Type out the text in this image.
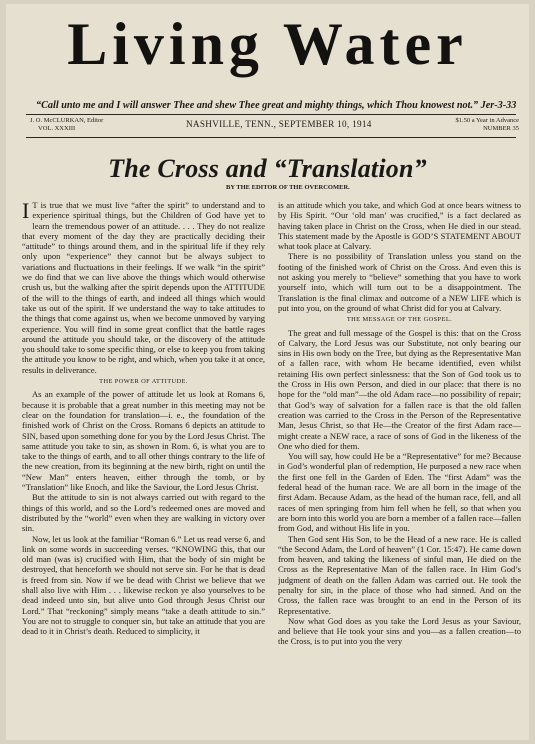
Living Water
“Call unto me and I will answer Thee and shew Thee great and mighty things, which Thou knowest not.” Jer-3-33
J. O. McCLURKAN, Editor
VOL. XXXIII	NASHVILLE, TENN., SEPTEMBER 10, 1914	$1.50 a Year in Advance
NUMBER 35
The Cross and “Translation”
BY THE EDITOR OF THE OVERCOMER.

I T is true that we must live “after the spirit” to understand and to experience spiritual things, but the Children of God have yet to learn the tremendous power of an attitude. . . . They do not realize that every moment of the day they are practically deciding their “attitude” to things around them, and in the spiritual life if they rely only upon “experience” they cannot but be always subject to variations and fluctuations in their feelings. If we walk “in the spirit” we do find that we can live above the things which would otherwise crush us, but the walking after the spirit depends upon the ATTITUDE of the will to the things of earth, and indeed all things which would take us out of the spirit. If we understand the way to take attitudes to the things that come against us, when we become unmoved by varying experience. You will find in some great conflict that the battle rages around the attitude you should take, or the discovery of the attitude you should take to some specific thing, or else to keep you from taking the attitude you know to be right, and which, when you take it at once, results in deliverance.

THE POWER OF ATTITUDE.

As an example of the power of attitude let us look at Romans 6, because it is probable that a great number in this meeting may not be clear on the foundation for translation—i. e., the foundation of the finished work of Christ on the Cross. Romans 6 depicts an attitude to SIN, based upon something done for you by the Lord Jesus Christ. The same attitude you take to sin, as shown in Rom. 6, is what you are to take to the things of earth, and to all other things contrary to the life of the new creation, from its beginning at the new birth, right on until the “New Man” enters heaven, either through the tomb, or by “Translation” like Enoch, and like the Saviour, the Lord Jesus Christ.

But the attitude to sin is not always carried out with regard to the things of this world, and so the Lord’s redeemed ones are moved and distributed by the “world” even when they are walking in victory over sin.

Now, let us look at the familiar “Roman 6.” Let us read verse 6, and link on some words in succeeding verses. “KNOWING this, that our old man (was is) crucified with Him, that the body of sin might be destroyed, that henceforth we should not serve sin. For he that is dead is freed from sin. Now if we be dead with Christ we believe that we shall also live with Him . . . likewise reckon ye also yourselves to be dead indeed unto sin, but alive unto God through Jesus Christ our Lord.” That “reckoning” simply means “take a death attitude to sin.” You are not to struggle to conquer sin, but take an attitude that you are dead to it in Christ’s death. Reduced to simplicity, it

is an attitude which you take, and which God at once bears witness to by His Spirit. “Our ‘old man’ was crucified,” is a fact declared as having taken place in Christ on the Cross, when He died in our stead. This statement made by the Apostle is GOD’S STATEMENT ABOUT what took place at Calvary.

There is no possibility of Translation unless you stand on the footing of the finished work of Christ on the Cross. And even this is not asking you merely to “believe” something that you have to work yourself into, which will turn out to be a disappointment. The Translation is the final climax and outcome of a NEW LIFE which is put into you, on the ground of what Christ did for you at Calvary.

THE MESSAGE OF THE GOSPEL.

The great and full message of the Gospel is this: that on the Cross of Calvary, the Lord Jesus was our Substitute, not only bearing our sins in His own body on the Tree, but dying as the Representative Man of a fallen race, with whom He became identified, even whilst retaining His own perfect sinlessness: that the Son of God took us to the Cross in His own Person, and died in our place: that there is no hope for the “old man”—the old Adam race—no possibility of repair; that God’s way of salvation for a fallen race is that the old fallen creation was carried to the Cross in the Person of the Representative Man, Jesus Christ, so that He—the Creator of the first Adam race—might create a NEW race, a race of sons of God in the likeness of the One who died for them.

You will say, how could He be a “Representative” for me? Because in God’s wonderful plan of redemption, He purposed a new race when the first one fell in the Garden of Eden. The “first Adam” was the federal head of the human race. We are all born in the image of the first Adam. Because Adam, as the head of the human race, fell, and all races of men springing from him fell when he fell, so that when you are born into this world you are born a member of a fallen race—fallen from God, and without His life in you.

Then God sent His Son, to be the Head of a new race. He is called “the Second Adam, the Lord of heaven” (1 Cor. 15:47). He came down from heaven, and taking the likeness of sinful man, He died on the Cross as the Representative Man of the fallen race. In Him God’s judgment of death on the fallen Adam was carried out. He took the penalty for sin, in the place of those who had sinned. And on the Cross, the fallen race was brought to an end in the Person of its Representative.

Now what God does as you take the Lord Jesus as your Saviour, and believe that He took your sins and you—as a fallen creation—to the Cross, is to put into you the very
